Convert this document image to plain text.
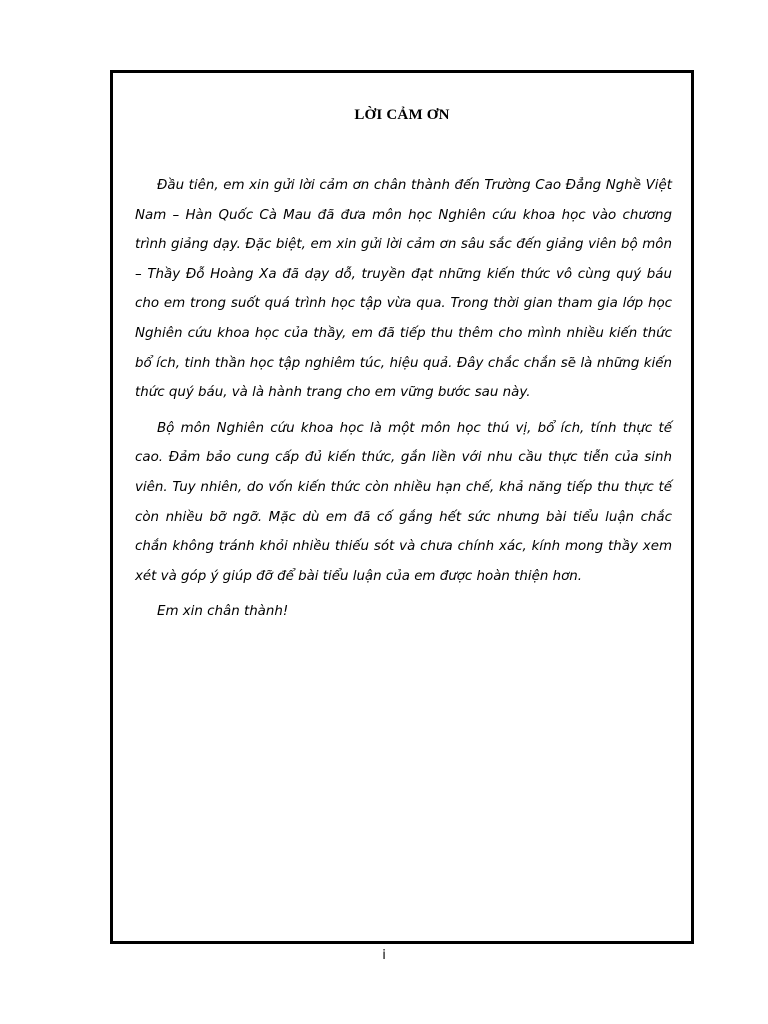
LỜI CẢM ƠN

Đầu tiên, em xin gửi lời cảm ơn chân thành đến Trường Cao Đẳng Nghề Việt Nam – Hàn Quốc Cà Mau đã đưa môn học Nghiên cứu khoa học vào chương trình giảng dạy. Đặc biệt, em xin gửi lời cảm ơn sâu sắc đến giảng viên bộ môn – Thầy Đỗ Hoàng Xa đã dạy dỗ, truyền đạt những kiến thức vô cùng quý báu cho em trong suốt quá trình học tập vừa qua. Trong thời gian tham gia lớp học Nghiên cứu khoa học của thầy, em đã tiếp thu thêm cho mình nhiều kiến thức bổ ích, tinh thần học tập nghiêm túc, hiệu quả. Đây chắc chắn sẽ là những kiến thức quý báu, và là hành trang cho em vững bước sau này.

Bộ môn Nghiên cứu khoa học là một môn học thú vị, bổ ích, tính thực tế cao. Đảm bảo cung cấp đủ kiến thức, gắn liền với nhu cầu thực tiễn của sinh viên. Tuy nhiên, do vốn kiến thức còn nhiều hạn chế, khả năng tiếp thu thực tế còn nhiều bỡ ngỡ. Mặc dù em đã cố gắng hết sức nhưng bài tiểu luận chắc chắn không tránh khỏi nhiều thiếu sót và chưa chính xác, kính mong thầy xem xét và góp ý giúp đỡ để bài tiểu luận của em được hoàn thiện hơn.

Em xin chân thành!

i
